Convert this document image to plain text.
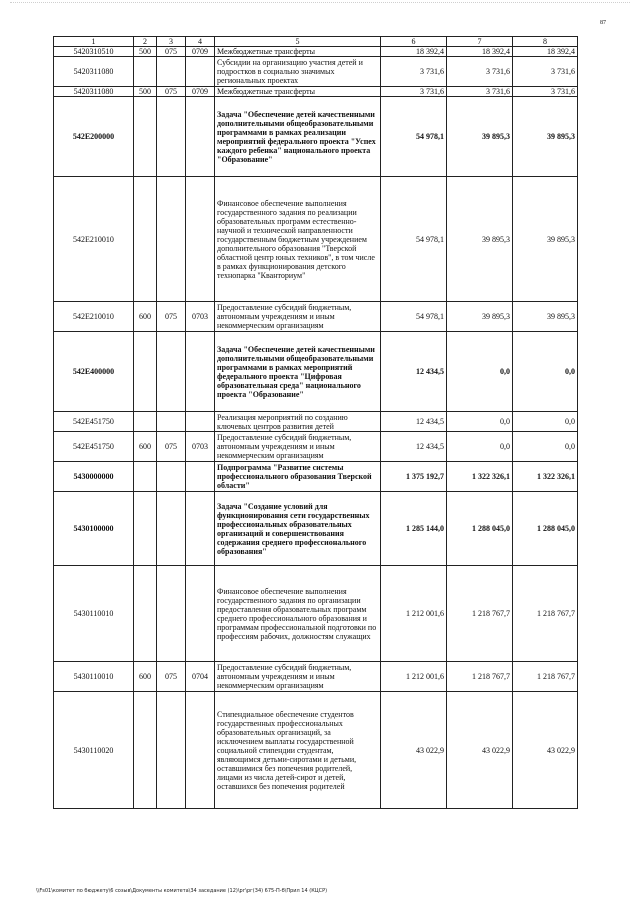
87
1	2	3	4	5	6	7	8
5420310510	500	075	0709	Межбюджетные трансферты	18 392,4	18 392,4	18 392,4
5420311080				Субсидии на организацию участия детей и подростков в социально значимых региональных проектах	3 731,6	3 731,6	3 731,6
5420311080	500	075	0709	Межбюджетные трансферты	3 731,6	3 731,6	3 731,6
542E200000				Задача "Обеспечение детей качественными дополнительными общеобразовательными программами в рамках реализации мероприятий федерального проекта "Успех каждого ребенка" национального проекта "Образование"	54 978,1	39 895,3	39 895,3
542E210010				Финансовое обеспечение выполнения государственного задания по реализации образовательных программ естественно-научной и технической направленности государственным бюджетным учреждением дополнительного образования "Тверской областной центр юных техников", в том числе в рамках функционирования детского технопарка "Кванториум"	54 978,1	39 895,3	39 895,3
542E210010	600	075	0703	Предоставление субсидий бюджетным, автономным учреждениям и иным некоммерческим организациям	54 978,1	39 895,3	39 895,3
542E400000				Задача "Обеспечение детей качественными дополнительными общеобразовательными программами в рамках мероприятий федерального проекта "Цифровая образовательная среда" национального проекта "Образование"	12 434,5	0,0	0,0
542E451750				Реализация мероприятий по созданию ключевых центров развития детей	12 434,5	0,0	0,0
542E451750	600	075	0703	Предоставление субсидий бюджетным, автономным учреждениям и иным некоммерческим организациям	12 434,5	0,0	0,0
5430000000				Подпрограмма "Развитие системы профессионального образования Тверской области"	1 375 192,7	1 322 326,1	1 322 326,1
5430100000				Задача "Создание условий для функционирования сети государственных профессиональных образовательных организаций и совершенствования содержания среднего профессионального образования"	1 285 144,0	1 288 045,0	1 288 045,0
5430110010				Финансовое обеспечение выполнения государственного задания по организации предоставления образовательных программ среднего профессионального образования и программам профессиональной подготовки по профессиям рабочих, должностям служащих	1 212 001,6	1 218 767,7	1 218 767,7
5430110010	600	075	0704	Предоставление субсидий бюджетным, автономным учреждениям и иным некоммерческим организациям	1 212 001,6	1 218 767,7	1 218 767,7
5430110020				Стипендиальное обеспечение студентов государственных профессиональных образовательных организаций, за исключением выплаты государственной социальной стипендии студентам, являющимся детьми-сиротами и детьми, оставшимися без попечения родителей, лицами из числа детей-сирот и детей, оставшихся без попечения родителей	43 022,9	43 022,9	43 022,9
\\Fs01\комитет по бюджету\6 созыв\Документы комитета\34 заседание (12)\рг\рг(34) 675-П-б\Прил 14 (КЦСР)
